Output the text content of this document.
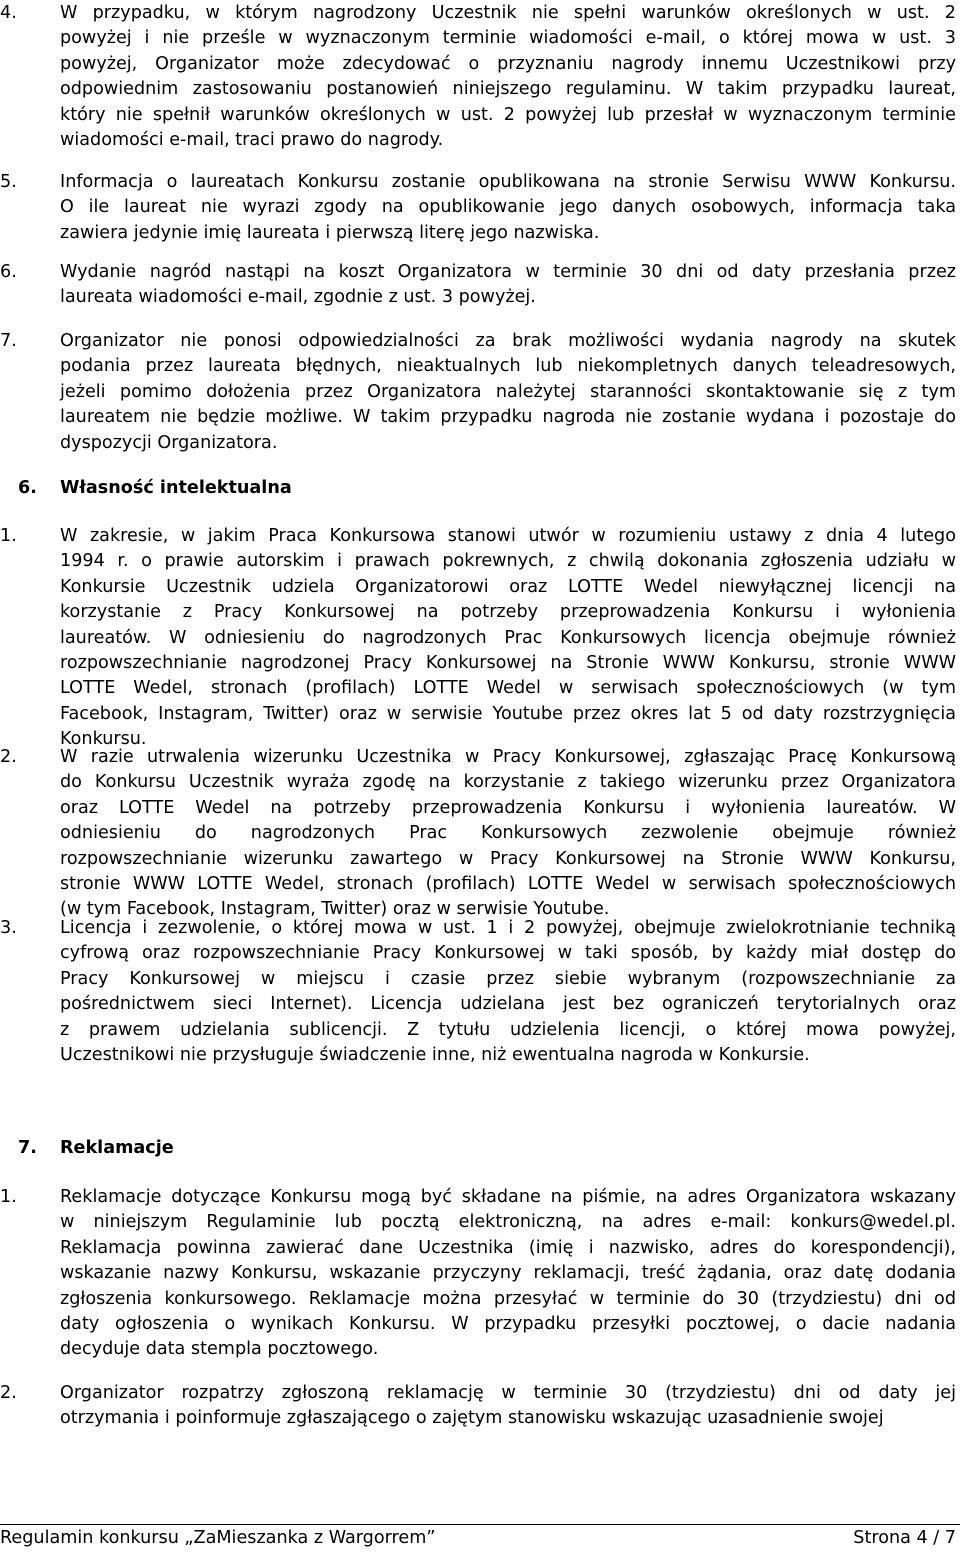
4. W przypadku, w którym nagrodzony Uczestnik nie spełni warunków określonych w ust. 2
powyżej i nie prześle w wyznaczonym terminie wiadomości e-mail, o której mowa w ust. 3
powyżej, Organizator może zdecydować o przyznaniu nagrody innemu Uczestnikowi przy
odpowiednim zastosowaniu postanowień niniejszego regulaminu. W takim przypadku laureat,
który nie spełnił warunków określonych w ust. 2 powyżej lub przesłał w wyznaczonym terminie
wiadomości e-mail, traci prawo do nagrody.
5. Informacja o laureatach Konkursu zostanie opublikowana na stronie Serwisu WWW Konkursu.
O ile laureat nie wyrazi zgody na opublikowanie jego danych osobowych, informacja taka
zawiera jedynie imię laureata i pierwszą literę jego nazwiska.
6. Wydanie nagród nastąpi na koszt Organizatora w terminie 30 dni od daty przesłania przez
laureata wiadomości e-mail, zgodnie z ust. 3 powyżej.
7. Organizator nie ponosi odpowiedzialności za brak możliwości wydania nagrody na skutek
podania przez laureata błędnych, nieaktualnych lub niekompletnych danych teleadresowych,
jeżeli pomimo dołożenia przez Organizatora należytej staranności skontaktowanie się z tym
laureatem nie będzie możliwe. W takim przypadku nagroda nie zostanie wydana i pozostaje do
dyspozycji Organizatora.
6. Własność intelektualna
1. W zakresie, w jakim Praca Konkursowa stanowi utwór w rozumieniu ustawy z dnia 4 lutego
1994 r. o prawie autorskim i prawach pokrewnych, z chwilą dokonania zgłoszenia udziału w
Konkursie Uczestnik udziela Organizatorowi oraz LOTTE Wedel niewyłącznej licencji na
korzystanie z Pracy Konkursowej na potrzeby przeprowadzenia Konkursu i wyłonienia
laureatów. W odniesieniu do nagrodzonych Prac Konkursowych licencja obejmuje również
rozpowszechnianie nagrodzonej Pracy Konkursowej na Stronie WWW Konkursu, stronie WWW
LOTTE Wedel, stronach (profilach) LOTTE Wedel w serwisach społecznościowych (w tym
Facebook, Instagram, Twitter) oraz w serwisie Youtube przez okres lat 5 od daty rozstrzygnięcia
Konkursu.
2. W razie utrwalenia wizerunku Uczestnika w Pracy Konkursowej, zgłaszając Pracę Konkursową
do Konkursu Uczestnik wyraża zgodę na korzystanie z takiego wizerunku przez Organizatora
oraz LOTTE Wedel na potrzeby przeprowadzenia Konkursu i wyłonienia laureatów. W
odniesieniu do nagrodzonych Prac Konkursowych zezwolenie obejmuje również
rozpowszechnianie wizerunku zawartego w Pracy Konkursowej na Stronie WWW Konkursu,
stronie WWW LOTTE Wedel, stronach (profilach) LOTTE Wedel w serwisach społecznościowych
(w tym Facebook, Instagram, Twitter) oraz w serwisie Youtube.
3. Licencja i zezwolenie, o której mowa w ust. 1 i 2 powyżej, obejmuje zwielokrotnianie techniką
cyfrową oraz rozpowszechnianie Pracy Konkursowej w taki sposób, by każdy miał dostęp do
Pracy Konkursowej w miejscu i czasie przez siebie wybranym (rozpowszechnianie za
pośrednictwem sieci Internet). Licencja udzielana jest bez ograniczeń terytorialnych oraz
z prawem udzielania sublicencji. Z tytułu udzielenia licencji, o której mowa powyżej,
Uczestnikowi nie przysługuje świadczenie inne, niż ewentualna nagroda w Konkursie.
7. Reklamacje
1. Reklamacje dotyczące Konkursu mogą być składane na piśmie, na adres Organizatora wskazany
w niniejszym Regulaminie lub pocztą elektroniczną, na adres e-mail: konkurs@wedel.pl.
Reklamacja powinna zawierać dane Uczestnika (imię i nazwisko, adres do korespondencji),
wskazanie nazwy Konkursu, wskazanie przyczyny reklamacji, treść żądania, oraz datę dodania
zgłoszenia konkursowego. Reklamacje można przesyłać w terminie do 30 (trzydziestu) dni od
daty ogłoszenia o wynikach Konkursu. W przypadku przesyłki pocztowej, o dacie nadania
decyduje data stempla pocztowego.
2. Organizator rozpatrzy zgłoszoną reklamację w terminie 30 (trzydziestu) dni od daty jej
otrzymania i poinformuje zgłaszającego o zajętym stanowisku wskazując uzasadnienie swojej
Regulamin konkursu „ZaMieszanka z Wargorrem”	Strona 4 / 7
